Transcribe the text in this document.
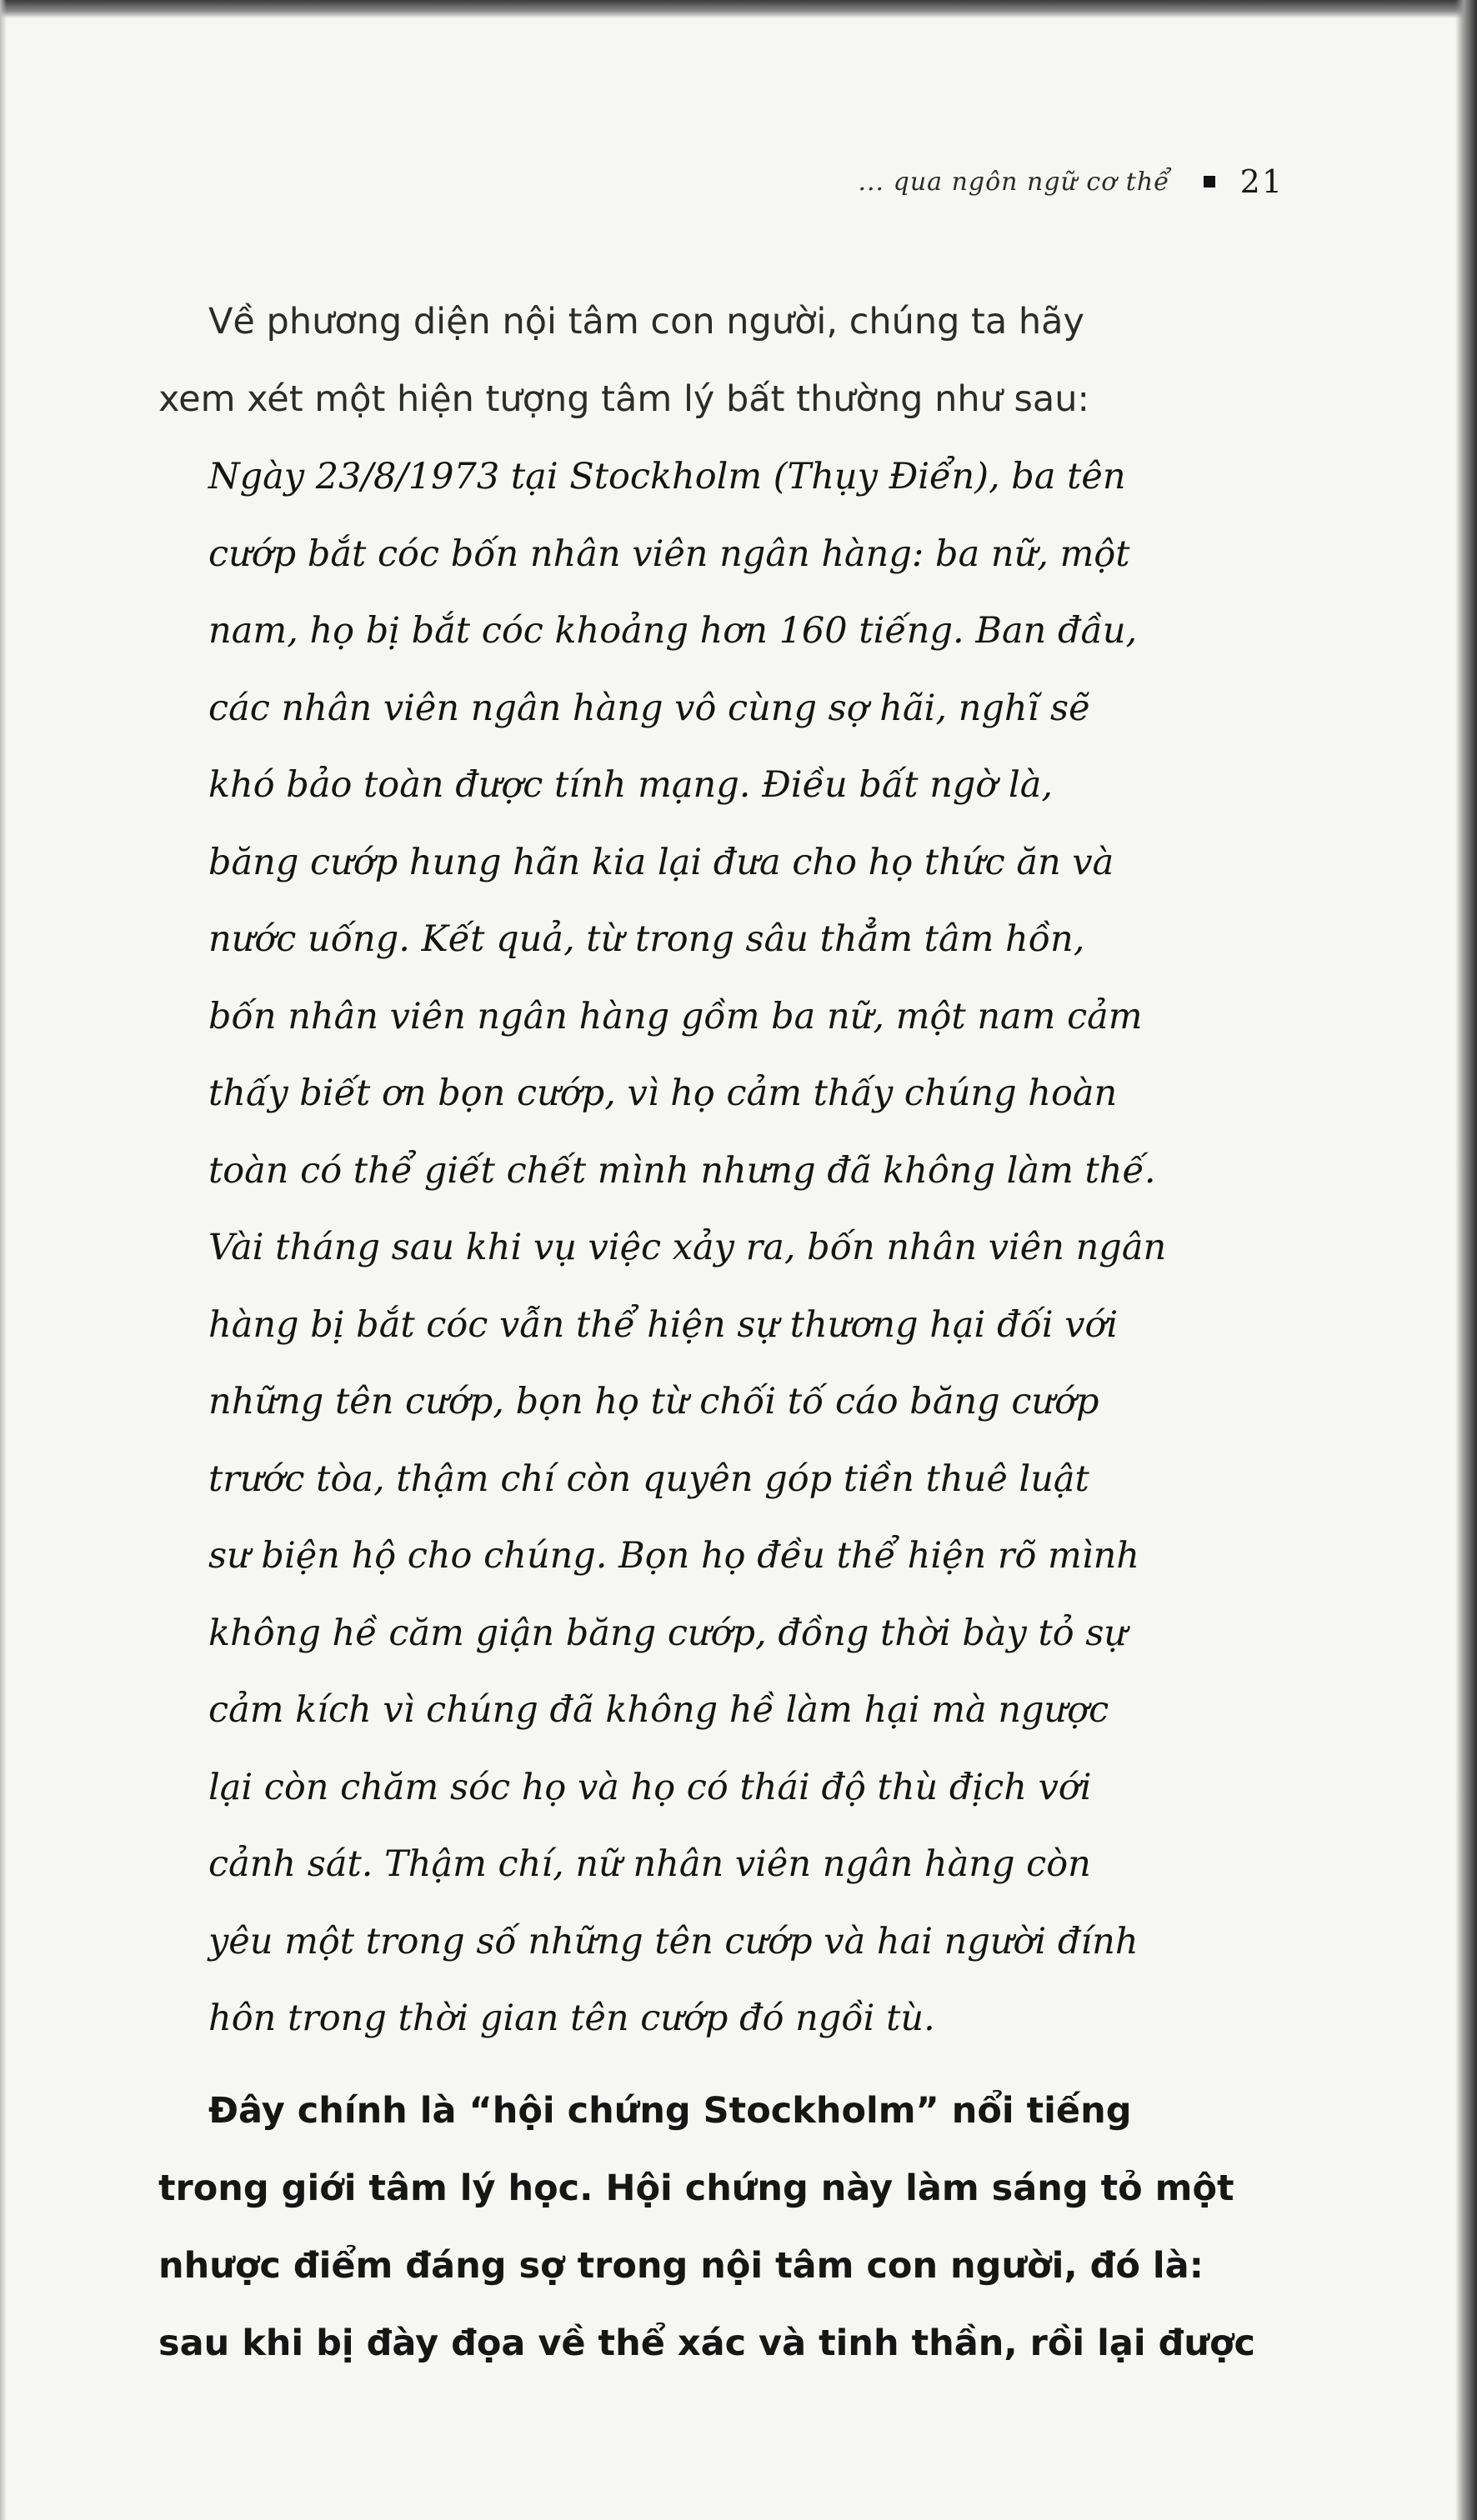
... qua ngôn ngữ cơ thể 21

Về phương diện nội tâm con người, chúng ta hãy
xem xét một hiện tượng tâm lý bất thường như sau:

Ngày 23/8/1973 tại Stockholm (Thụy Điển), ba tên
cướp bắt cóc bốn nhân viên ngân hàng: ba nữ, một
nam, họ bị bắt cóc khoảng hơn 160 tiếng. Ban đầu,
các nhân viên ngân hàng vô cùng sợ hãi, nghĩ sẽ
khó bảo toàn được tính mạng. Điều bất ngờ là,
băng cướp hung hãn kia lại đưa cho họ thức ăn và
nước uống. Kết quả, từ trong sâu thẳm tâm hồn,
bốn nhân viên ngân hàng gồm ba nữ, một nam cảm
thấy biết ơn bọn cướp, vì họ cảm thấy chúng hoàn
toàn có thể giết chết mình nhưng đã không làm thế.
Vài tháng sau khi vụ việc xảy ra, bốn nhân viên ngân
hàng bị bắt cóc vẫn thể hiện sự thương hại đối với
những tên cướp, bọn họ từ chối tố cáo băng cướp
trước tòa, thậm chí còn quyên góp tiền thuê luật
sư biện hộ cho chúng. Bọn họ đều thể hiện rõ mình
không hề căm giận băng cướp, đồng thời bày tỏ sự
cảm kích vì chúng đã không hề làm hại mà ngược
lại còn chăm sóc họ và họ có thái độ thù địch với
cảnh sát. Thậm chí, nữ nhân viên ngân hàng còn
yêu một trong số những tên cướp và hai người đính
hôn trong thời gian tên cướp đó ngồi tù.

Đây chính là “hội chứng Stockholm” nổi tiếng
trong giới tâm lý học. Hội chứng này làm sáng tỏ một
nhược điểm đáng sợ trong nội tâm con người, đó là:
sau khi bị đày đọa về thể xác và tinh thần, rồi lại được
